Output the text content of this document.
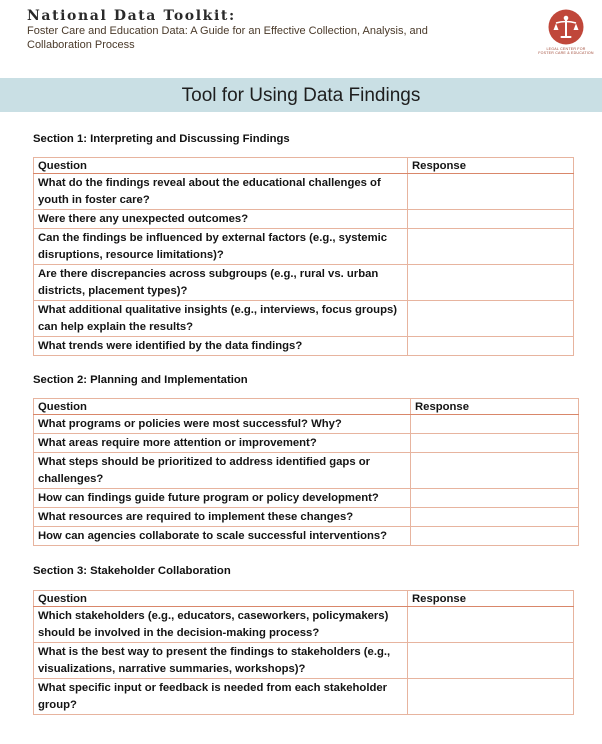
National Data Toolkit:
Foster Care and Education Data: A Guide for an Effective Collection, Analysis, and Collaboration Process	LEGAL CENTER FOR
FOSTER CARE & EDUCATION
Tool for Using Data Findings
Section 1: Interpreting and Discussing Findings
Question	Response
What do the findings reveal about the educational challenges of youth in foster care?	
Were there any unexpected outcomes?	
Can the findings be influenced by external factors (e.g., systemic disruptions, resource limitations)?	
Are there discrepancies across subgroups (e.g., rural vs. urban districts, placement types)?	
What additional qualitative insights (e.g., interviews, focus groups) can help explain the results?	
What trends were identified by the data findings?	
Section 2: Planning and Implementation
Question	Response
What programs or policies were most successful? Why?	
What areas require more attention or improvement?	
What steps should be prioritized to address identified gaps or challenges?	
How can findings guide future program or policy development?	
What resources are required to implement these changes?	
How can agencies collaborate to scale successful interventions?	
Section 3: Stakeholder Collaboration
Question	Response
Which stakeholders (e.g., educators, caseworkers, policymakers) should be involved in the decision-making process?	
What is the best way to present the findings to stakeholders (e.g., visualizations, narrative summaries, workshops)?	
What specific input or feedback is needed from each stakeholder group?	
